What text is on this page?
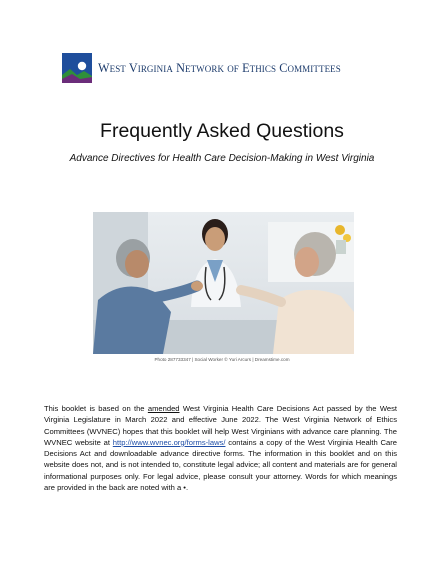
West Virginia Network of Ethics Committees
Frequently Asked Questions
Advance Directives for Health Care Decision-Making in West Virginia
Photo 287733347 | Social Worker © Yuri Arcurs | Dreamstime.com

This booklet is based on the amended West Virginia Health Care Decisions Act passed by the West Virginia Legislature in March 2022 and effective June 2022. The West Virginia Network of Ethics Committees (WVNEC) hopes that this booklet will help West Virginians with advance care planning. The WVNEC website at http://www.wvnec.org/forms-laws/ contains a copy of the West Virginia Health Care Decisions Act and downloadable advance directive forms. The information in this booklet and on this website does not, and is not intended to, constitute legal advice; all content and materials are for general informational purposes only. For legal advice, please consult your attorney. Words for which meanings are provided in the back are noted with a •.
